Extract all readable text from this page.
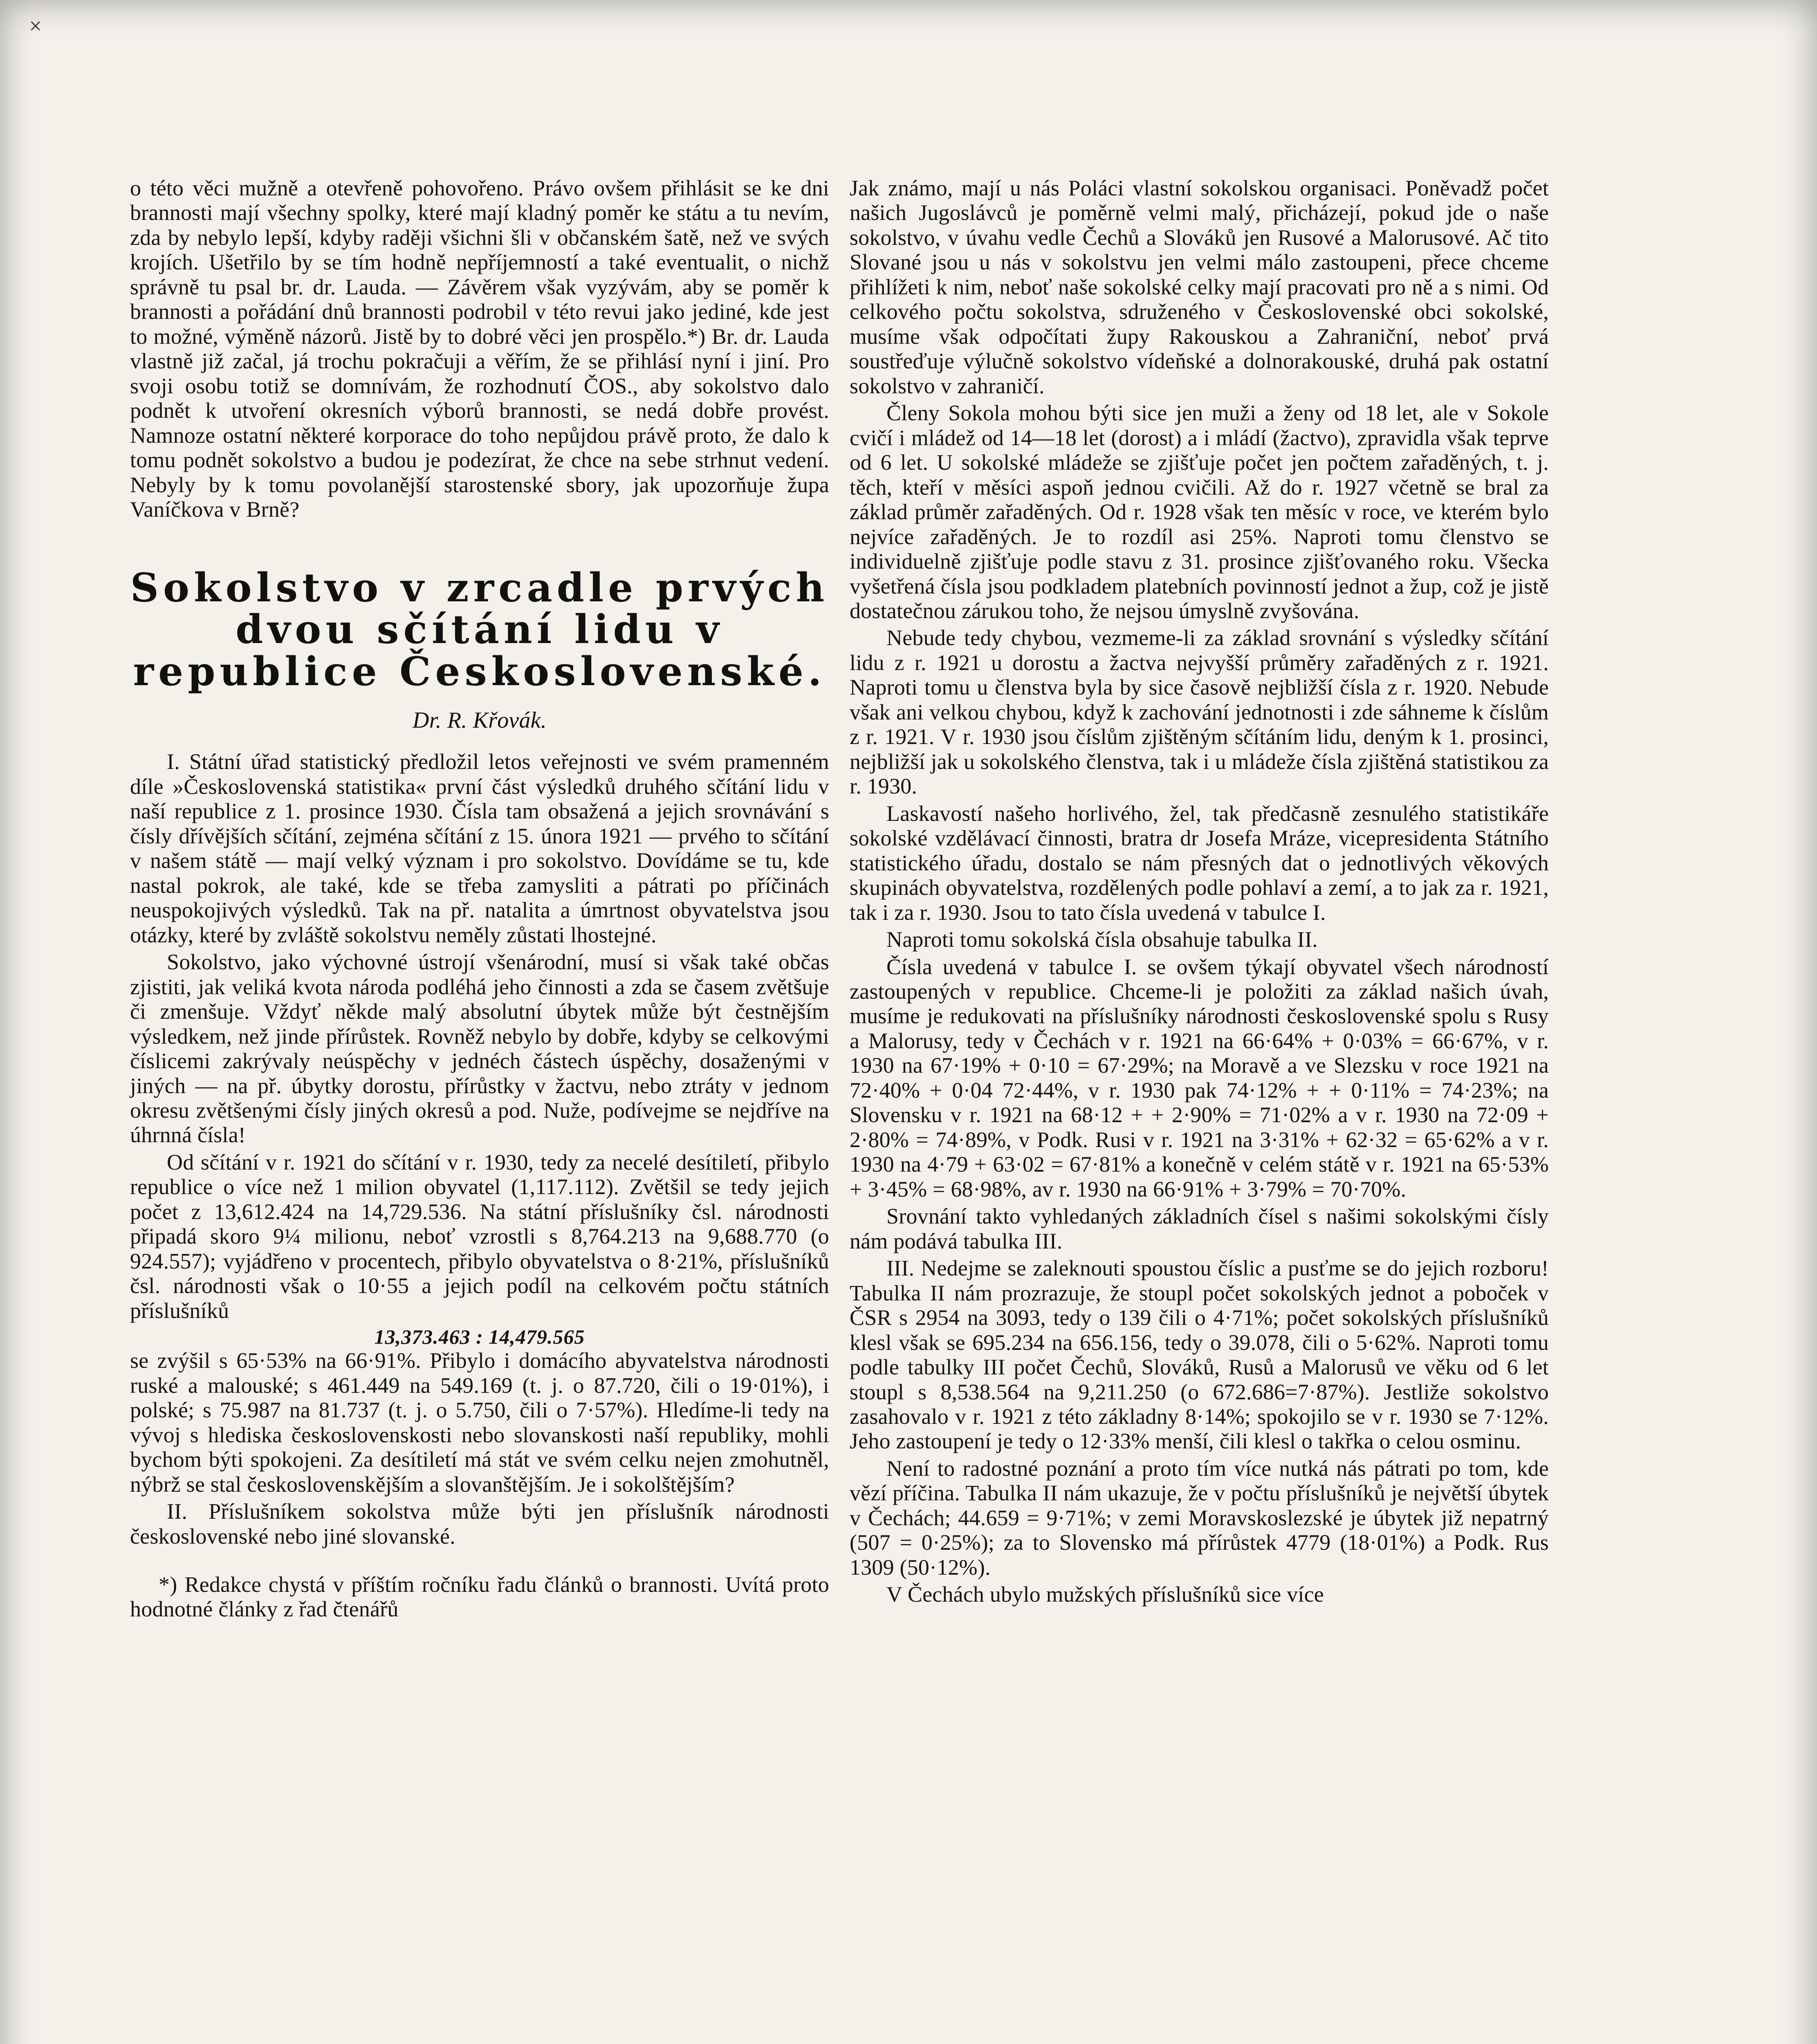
×

o této věci mužně a otevřeně pohovořeno. Právo ovšem přihlásit se ke dni brannosti mají všechny spolky, které mají kladný poměr ke státu a tu nevím, zda by nebylo lepší, kdyby raději všichni šli v občanském šatě, než ve svých krojích. Ušetřilo by se tím hodně nepříjemností a také eventualit, o nichž správně tu psal br. dr. Lauda. — Závěrem však vyzývám, aby se poměr k brannosti a pořádání dnů brannosti podrobil v této revui jako jediné, kde jest to možné, výměně názorů. Jistě by to dobré věci jen prospělo.*) Br. dr. Lauda vlastně již začal, já trochu pokračuji a věřím, že se přihlásí nyní i jiní. Pro svoji osobu totiž se domnívám, že rozhodnutí ČOS., aby sokolstvo dalo podnět k utvoření okresních výborů brannosti, se nedá dobře provést. Namnoze ostatní některé korporace do toho nepůjdou právě proto, že dalo k tomu podnět sokolstvo a budou je podezírat, že chce na sebe strhnut vedení. Nebyly by k tomu povolanější starostenské sbory, jak upozorňuje župa Vaníčkova v Brně?

Sokolstvo v zrcadle prvých dvou sčítání lidu v republice Československé.
Dr. R. Křovák.

I. Státní úřad statistický předložil letos veřejnosti ve svém pramenném díle »Československá statistika« první část výsledků druhého sčítání lidu v naší republice z 1. prosince 1930. Čísla tam obsažená a jejich srovnávání s čísly dřívějších sčítání, zejména sčítání z 15. února 1921 — prvého to sčítání v našem státě — mají velký význam i pro sokolstvo. Dovídáme se tu, kde nastal pokrok, ale také, kde se třeba zamysliti a pátrati po příčinách neuspokojivých výsledků. Tak na př. natalita a úmrtnost obyvatelstva jsou otázky, které by zvláště sokolstvu neměly zůstati lhostejné.

Sokolstvo, jako výchovné ústrojí všenárodní, musí si však také občas zjistiti, jak veliká kvota národa podléhá jeho činnosti a zda se časem zvětšuje či zmenšuje. Vždyť někde malý absolutní úbytek může být čestnějším výsledkem, než jinde přírůstek. Rovněž nebylo by dobře, kdyby se celkovými číslicemi zakrývaly neúspěchy v jednéch částech úspěchy, dosaženými v jiných — na př. úbytky dorostu, přírůstky v žactvu, nebo ztráty v jednom okresu zvětšenými čísly jiných okresů a pod. Nuže, podívejme se nejdříve na úhrnná čísla!

Od sčítání v r. 1921 do sčítání v r. 1930, tedy za necelé desítiletí, přibylo republice o více než 1 milion obyvatel (1,117.112). Zvětšil se tedy jejich počet z 13,612.424 na 14,729.536. Na státní příslušníky čsl. národnosti připadá skoro 9¼ milionu, neboť vzrostli s 8,764.213 na 9,688.770 (o 924.557); vyjádřeno v procentech, přibylo obyvatelstva o 8·21%, příslušníků čsl. národnosti však o 10·55 a jejich podíl na celkovém počtu státních příslušníků

13,373.463 : 14,479.565

se zvýšil s 65·53% na 66·91%. Přibylo i domácího abyvatelstva národnosti ruské a malouské; s 461.449 na 549.169 (t. j. o 87.720, čili o 19·01%), i polské; s 75.987 na 81.737 (t. j. o 5.750, čili o 7·57%). Hledíme-li tedy na vývoj s hlediska československosti nebo slovanskosti naší republiky, mohli bychom býti spokojeni. Za desítiletí má stát ve svém celku nejen zmohutněl, nýbrž se stal československějším a slovanštějším. Je i sokolštějším?

II. Příslušníkem sokolstva může býti jen příslušník národnosti československé nebo jiné slovanské.

*) Redakce chystá v příštím ročníku řadu článků o brannosti. Uvítá proto hodnotné články z řad čtenářů

Jak známo, mají u nás Poláci vlastní sokolskou organisaci. Poněvadž počet našich Jugoslávců je poměrně velmi malý, přicházejí, pokud jde o naše sokolstvo, v úvahu vedle Čechů a Slováků jen Rusové a Malorusové. Ač tito Slované jsou u nás v sokolstvu jen velmi málo zastoupeni, přece chceme přihlížeti k nim, neboť naše sokolské celky mají pracovati pro ně a s nimi. Od celkového počtu sokolstva, sdruženého v Československé obci sokolské, musíme však odpočítati župy Rakouskou a Zahraniční, neboť prvá soustřeďuje výlučně sokolstvo vídeňské a dolnorakouské, druhá pak ostatní sokolstvo v zahraničí.

Členy Sokola mohou býti sice jen muži a ženy od 18 let, ale v Sokole cvičí i mládež od 14—18 let (dorost) a i mládí (žactvo), zpravidla však teprve od 6 let. U sokolské mládeže se zjišťuje počet jen počtem zařaděných, t. j. těch, kteří v měsíci aspoň jednou cvičili. Až do r. 1927 včetně se bral za základ průměr zařaděných. Od r. 1928 však ten měsíc v roce, ve kterém bylo nejvíce zařaděných. Je to rozdíl asi 25%. Naproti tomu členstvo se individuelně zjišťuje podle stavu z 31. prosince zjišťovaného roku. Všecka vyšetřená čísla jsou podkladem platebních povinností jednot a žup, což je jistě dostatečnou zárukou toho, že nejsou úmyslně zvyšována.

Nebude tedy chybou, vezmeme-li za základ srovnání s výsledky sčítání lidu z r. 1921 u dorostu a žactva nejvyšší průměry zařaděných z r. 1921. Naproti tomu u členstva byla by sice časově nejbližší čísla z r. 1920. Nebude však ani velkou chybou, když k zachování jednotnosti i zde sáhneme k číslům z r. 1921. V r. 1930 jsou číslům zjištěným sčítáním lidu, deným k 1. prosinci, nejbližší jak u sokolského členstva, tak i u mládeže čísla zjištěná statistikou za r. 1930.

Laskavostí našeho horlivého, žel, tak předčasně zesnulého statistikáře sokolské vzdělávací činnosti, bratra dr Josefa Mráze, vicepresidenta Státního statistického úřadu, dostalo se nám přesných dat o jednotlivých věkových skupinách obyvatelstva, rozdělených podle pohlaví a zemí, a to jak za r. 1921, tak i za r. 1930. Jsou to tato čísla uvedená v tabulce I.

Naproti tomu sokolská čísla obsahuje tabulka II.

Čísla uvedená v tabulce I. se ovšem týkají obyvatel všech národností zastoupených v republice. Chceme-li je položiti za základ našich úvah, musíme je redukovati na příslušníky národnosti československé spolu s Rusy a Malorusy, tedy v Čechách v r. 1921 na 66·64% + 0·03% = 66·67%, v r. 1930 na 67·19% + 0·10 = 67·29%; na Moravě a ve Slezsku v roce 1921 na 72·40% + 0·04 72·44%, v r. 1930 pak 74·12% + + 0·11% = 74·23%; na Slovensku v r. 1921 na 68·12 + + 2·90% = 71·02% a v r. 1930 na 72·09 + 2·80% = 74·89%, v Podk. Rusi v r. 1921 na 3·31% + 62·32 = 65·62% a v r. 1930 na 4·79 + 63·02 = 67·81% a konečně v celém státě v r. 1921 na 65·53% + 3·45% = 68·98%, av r. 1930 na 66·91% + 3·79% = 70·70%.

Srovnání takto vyhledaných základních čísel s našimi sokolskými čísly nám podává tabulka III.

III. Nedejme se zaleknouti spoustou číslic a pusťme se do jejich rozboru! Tabulka II nám prozrazuje, že stoupl počet sokolských jednot a poboček v ČSR s 2954 na 3093, tedy o 139 čili o 4·71%; počet sokolských příslušníků klesl však se 695.234 na 656.156, tedy o 39.078, čili o 5·62%. Naproti tomu podle tabulky III počet Čechů, Slováků, Rusů a Malorusů ve věku od 6 let stoupl s 8,538.564 na 9,211.250 (o 672.686=7·87%). Jestliže sokolstvo zasahovalo v r. 1921 z této základny 8·14%; spokojilo se v r. 1930 se 7·12%. Jeho zastoupení je tedy o 12·33% menší, čili klesl o takřka o celou osminu.

Není to radostné poznání a proto tím více nutká nás pátrati po tom, kde vězí příčina. Tabulka II nám ukazuje, že v počtu příslušníků je největší úbytek v Čechách; 44.659 = 9·71%; v zemi Moravskoslezské je úbytek již nepatrný (507 = 0·25%); za to Slovensko má přírůstek 4779 (18·01%) a Podk. Rus 1309 (50·12%).

V Čechách ubylo mužských příslušníků sice více
